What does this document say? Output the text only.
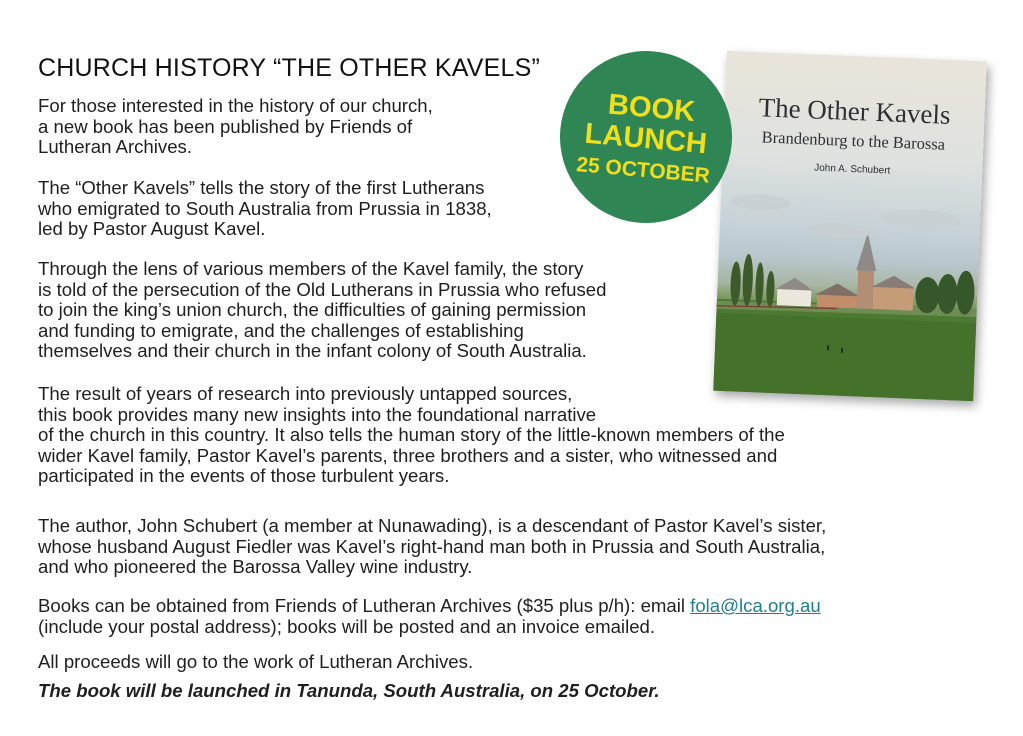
CHURCH HISTORY “THE OTHER KAVELS”

For those interested in the history of our church,
a new book has been published by Friends of
Lutheran Archives.

The “Other Kavels” tells the story of the first Lutherans
who emigrated to South Australia from Prussia in 1838,
led by Pastor August Kavel.

Through the lens of various members of the Kavel family, the story
is told of the persecution of the Old Lutherans in Prussia who refused
to join the king’s union church, the difficulties of gaining permission
and funding to emigrate, and the challenges of establishing
themselves and their church in the infant colony of South Australia.

The result of years of research into previously untapped sources,
this book provides many new insights into the foundational narrative
of the church in this country. It also tells the human story of the little-known members of the
wider Kavel family, Pastor Kavel’s parents, three brothers and a sister, who witnessed and
participated in the events of those turbulent years.

The author, John Schubert (a member at Nunawading), is a descendant of Pastor Kavel’s sister,
whose husband August Fiedler was Kavel’s right-hand man both in Prussia and South Australia,
and who pioneered the Barossa Valley wine industry.

Books can be obtained from Friends of Lutheran Archives ($35 plus p/h): email fola@lca.org.au
(include your postal address); books will be posted and an invoice emailed.

All proceeds will go to the work of Lutheran Archives.

The book will be launched in Tanunda, South Australia, on 25 October.

BOOK
LAUNCH
25 OCTOBER
The Other Kavels
Brandenburg to the Barossa
John A. Schubert
